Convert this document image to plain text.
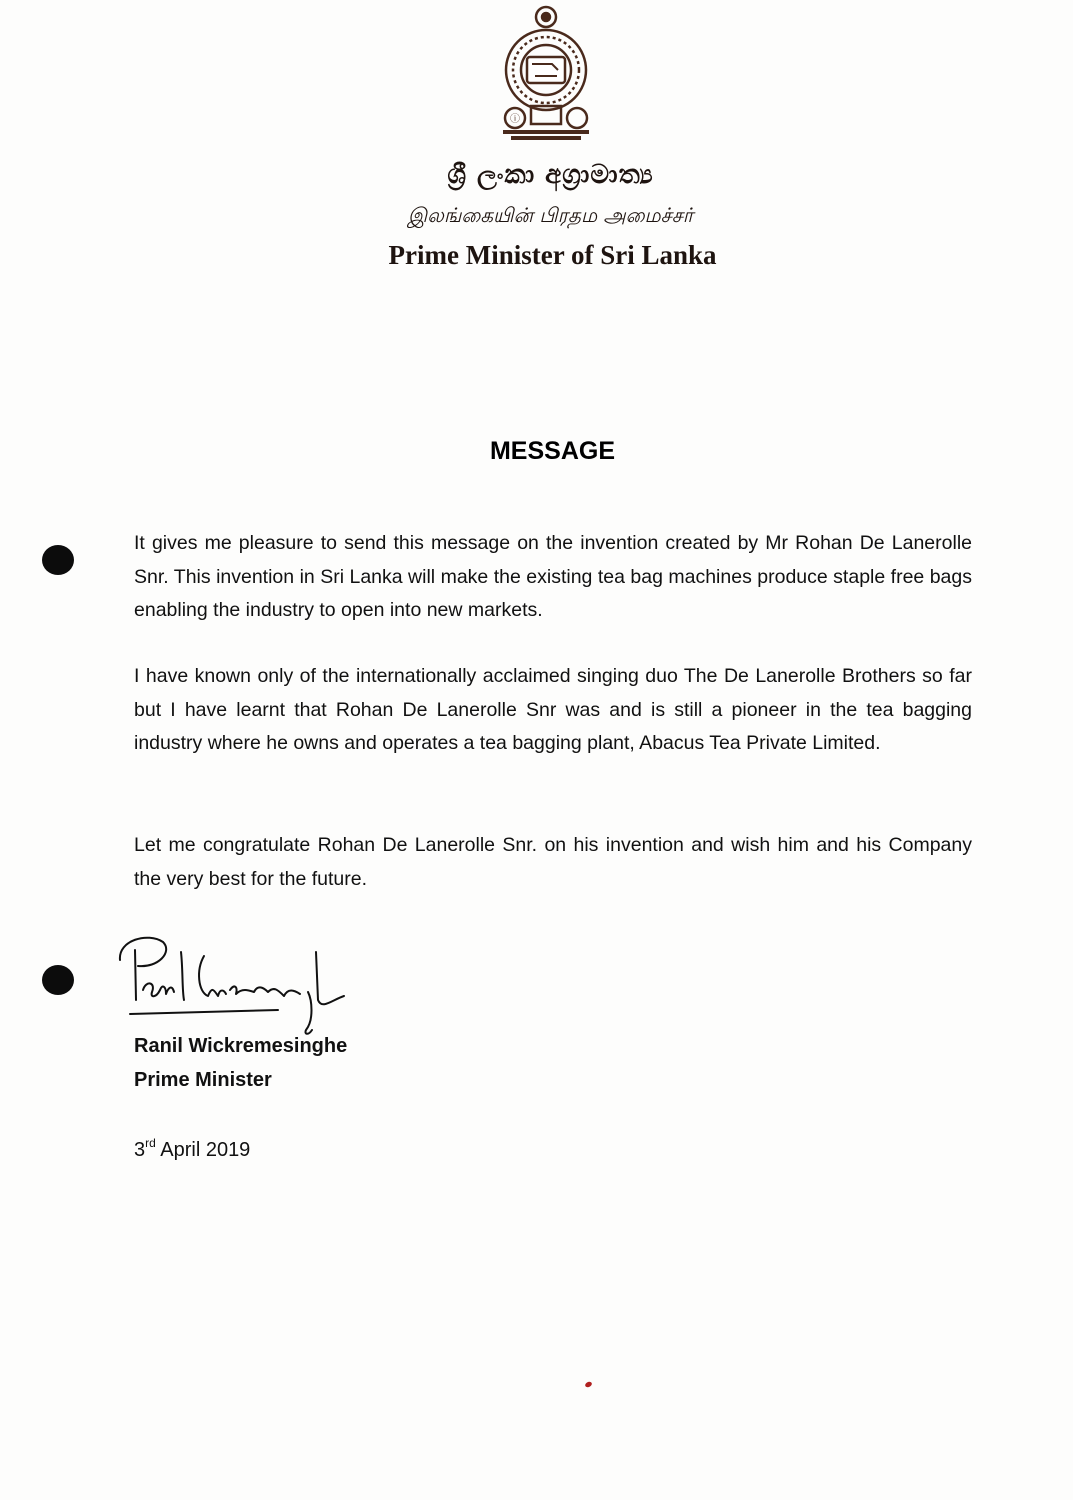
ⓘ
ශ්‍රී ලංකා අග්‍රාමාත්‍ය
இலங்கையின் பிரதம அமைச்சர்
Prime Minister of Sri Lanka
MESSAGE

It gives me pleasure to send this message on the invention created by Mr Rohan De Lanerolle Snr. This invention in Sri Lanka will make the existing tea bag machines produce staple free bags enabling the industry to open into new markets.

I have known only of the internationally acclaimed singing duo The De Lanerolle Brothers so far but I have learnt that Rohan De Lanerolle Snr was and is still a pioneer in the tea bagging industry where he owns and operates a tea bagging plant, Abacus Tea Private Limited.

Let me congratulate Rohan De Lanerolle Snr. on his invention and wish him and his Company the very best for the future.

Ranil Wickremesinghe
Prime Minister
3rd April 2019
